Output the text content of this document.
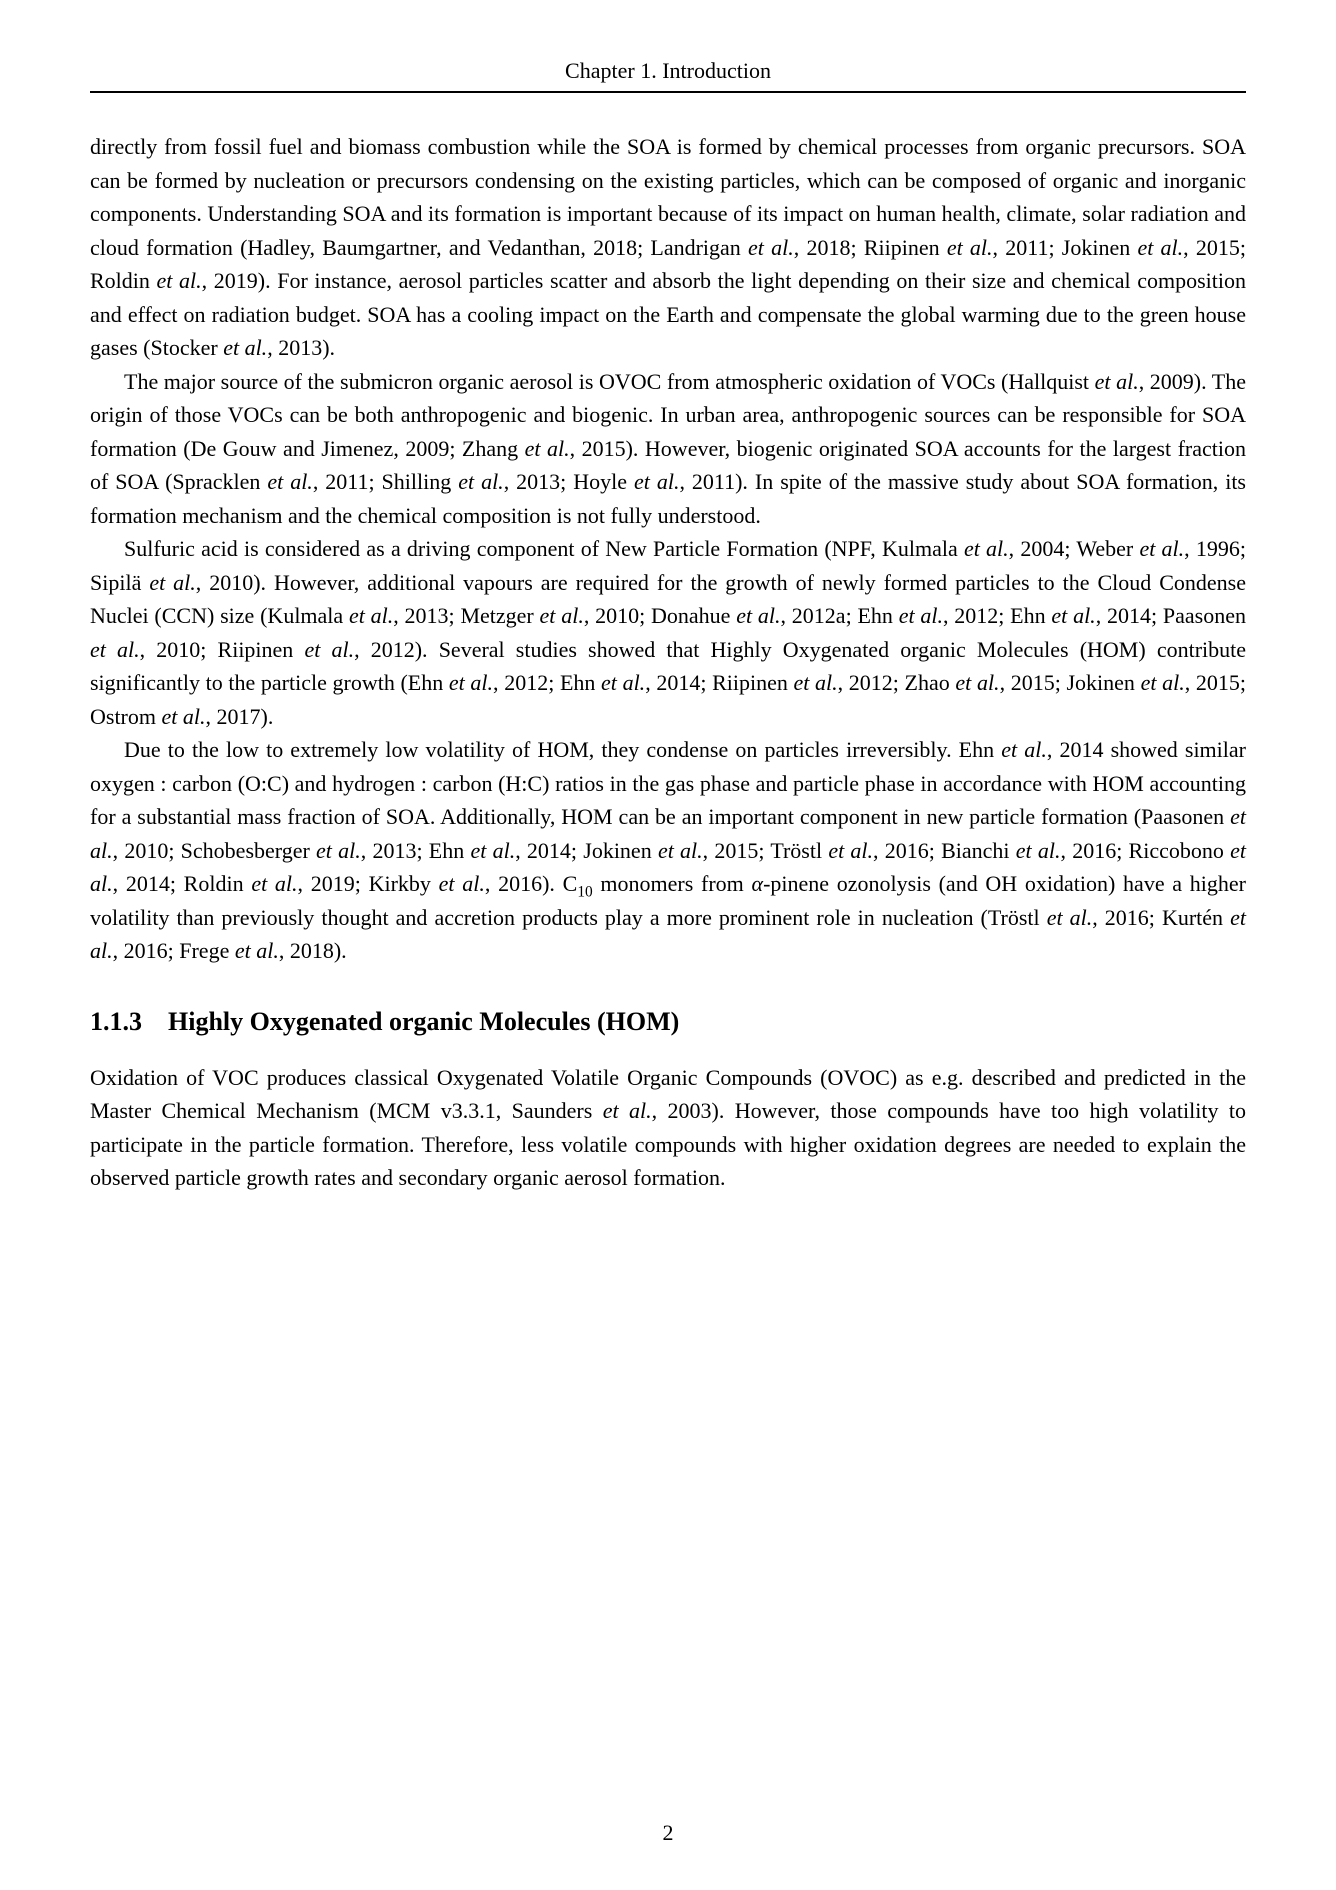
Chapter 1. Introduction

directly from fossil fuel and biomass combustion while the SOA is formed by chemical processes from organic precursors. SOA can be formed by nucleation or precursors condensing on the existing particles, which can be composed of organic and inorganic components. Understanding SOA and its formation is important because of its impact on human health, climate, solar radiation and cloud formation (Hadley, Baumgartner, and Vedanthan, 2018; Landrigan et al., 2018; Riipinen et al., 2011; Jokinen et al., 2015; Roldin et al., 2019). For instance, aerosol particles scatter and absorb the light depending on their size and chemical composition and effect on radiation budget. SOA has a cooling impact on the Earth and compensate the global warming due to the green house gases (Stocker et al., 2013).

The major source of the submicron organic aerosol is OVOC from atmospheric oxidation of VOCs (Hallquist et al., 2009). The origin of those VOCs can be both anthropogenic and biogenic. In urban area, anthropogenic sources can be responsible for SOA formation (De Gouw and Jimenez, 2009; Zhang et al., 2015). However, biogenic originated SOA accounts for the largest fraction of SOA (Spracklen et al., 2011; Shilling et al., 2013; Hoyle et al., 2011). In spite of the massive study about SOA formation, its formation mechanism and the chemical composition is not fully understood.

Sulfuric acid is considered as a driving component of New Particle Formation (NPF, Kulmala et al., 2004; Weber et al., 1996; Sipilä et al., 2010). However, additional vapours are required for the growth of newly formed particles to the Cloud Condense Nuclei (CCN) size (Kulmala et al., 2013; Metzger et al., 2010; Donahue et al., 2012a; Ehn et al., 2012; Ehn et al., 2014; Paasonen et al., 2010; Riipinen et al., 2012). Several studies showed that Highly Oxygenated organic Molecules (HOM) contribute significantly to the particle growth (Ehn et al., 2012; Ehn et al., 2014; Riipinen et al., 2012; Zhao et al., 2015; Jokinen et al., 2015; Ostrom et al., 2017).

Due to the low to extremely low volatility of HOM, they condense on particles irreversibly. Ehn et al., 2014 showed similar oxygen : carbon (O:C) and hydrogen : carbon (H:C) ratios in the gas phase and particle phase in accordance with HOM accounting for a substantial mass fraction of SOA. Additionally, HOM can be an important component in new particle formation (Paasonen et al., 2010; Schobesberger et al., 2013; Ehn et al., 2014; Jokinen et al., 2015; Tröstl et al., 2016; Bianchi et al., 2016; Riccobono et al., 2014; Roldin et al., 2019; Kirkby et al., 2016). $C_{10}$ monomers from α-pinene ozonolysis (and OH oxidation) have a higher volatility than previously thought and accretion products play a more prominent role in nucleation (Tröstl et al., 2016; Kurtén et al., 2016; Frege et al., 2018).

1.1.3 Highly Oxygenated organic Molecules (HOM)

Oxidation of VOC produces classical Oxygenated Volatile Organic Compounds (OVOC) as e.g. described and predicted in the Master Chemical Mechanism (MCM v3.3.1, Saunders et al., 2003). However, those compounds have too high volatility to participate in the particle formation. Therefore, less volatile compounds with higher oxidation degrees are needed to explain the observed particle growth rates and secondary organic aerosol formation.

2
